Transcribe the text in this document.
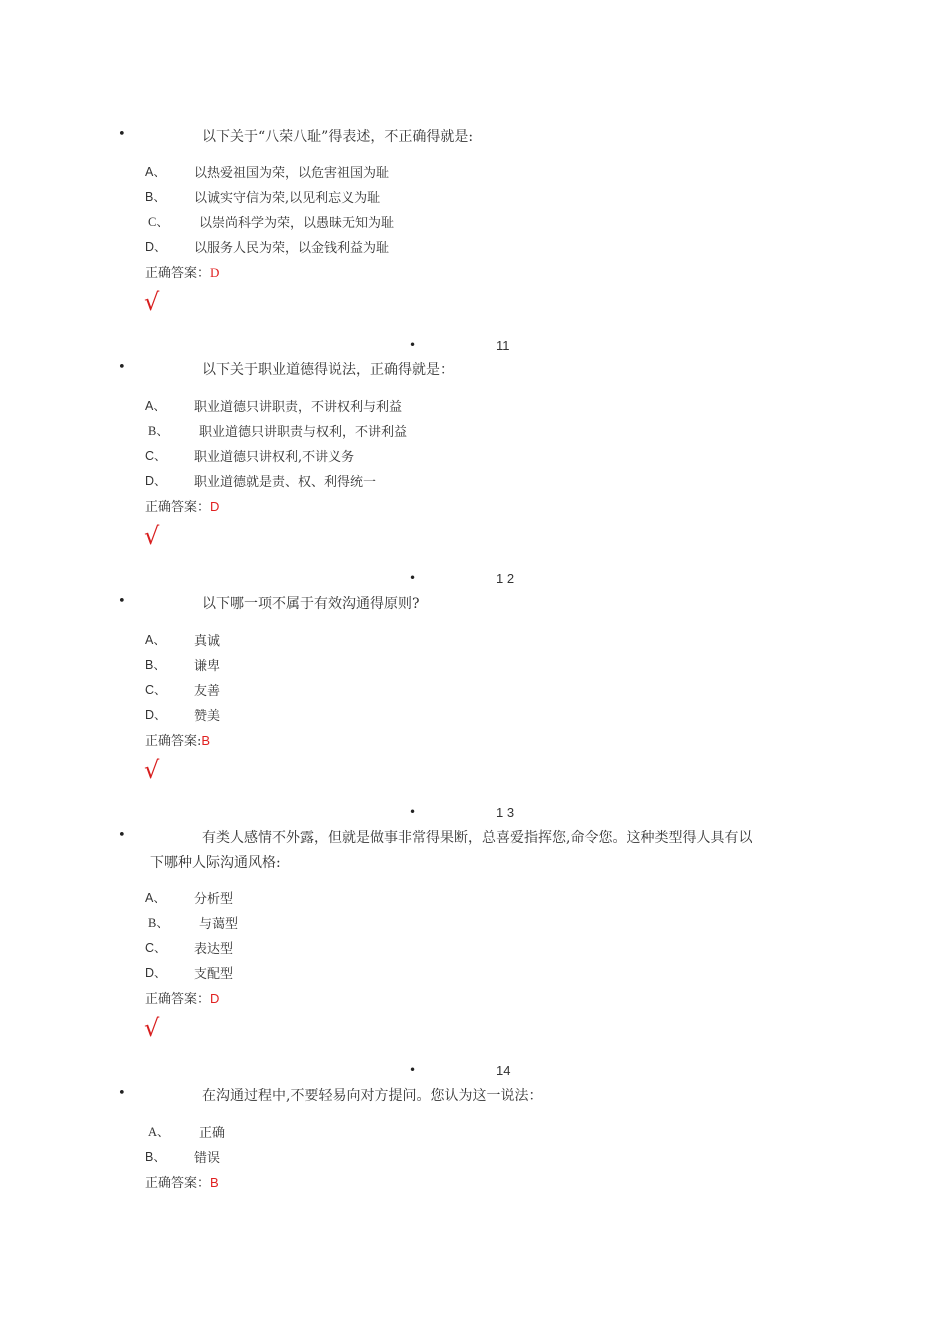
•	以下关于“八荣八耻”得表述，不正确得就是:
A、 以热爱祖国为荣，以危害祖国为耻
B、 以诚实守信为荣,以见利忘义为耻
C、 以崇尚科学为荣，以愚昧无知为耻
D、 以服务人民为荣，以金钱利益为耻
正确答案：D
√
•	11
•	以下关于职业道德得说法，正确得就是：
A、 职业道德只讲职责，不讲权利与利益
B、 职业道德只讲职责与权利，不讲利益
C、 职业道德只讲权利,不讲义务
D、 职业道德就是责、权、利得统一
正确答案：D
√
•	1 2
•	以下哪一项不属于有效沟通得原则?
A、 真诚
B、 谦卑
C、 友善
D、 赞美
正确答案:B
√
•	1 3
•	有类人感情不外露，但就是做事非常得果断，总喜爱指挥您,命令您。这种类型得人具有以
下哪种人际沟通风格:
A、 分析型
B、 与蔼型
C、 表达型
D、 支配型
正确答案：D
√
•	14
•	在沟通过程中,不要轻易向对方提问。您认为这一说法：
A、 正确
B、 错误
正确答案：B
